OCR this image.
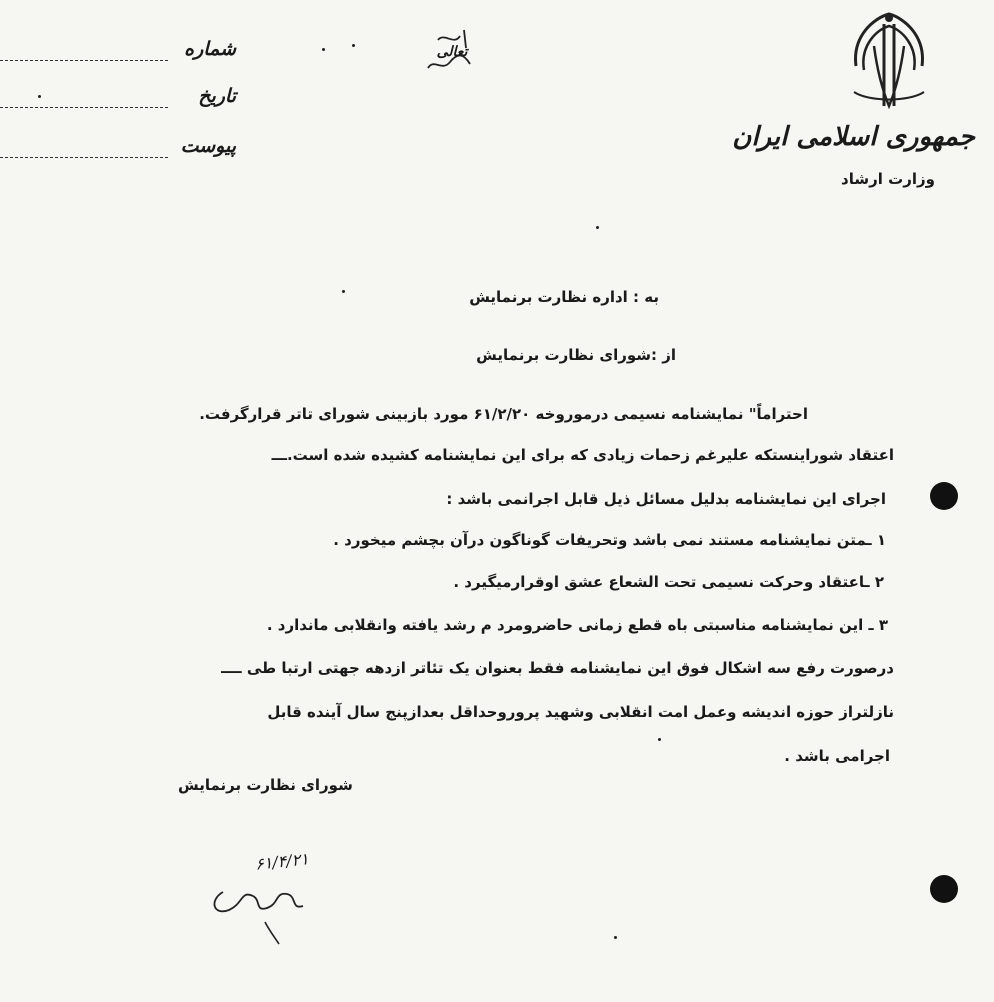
شماره
تاریخ
پیوست
تعالی
جمهوری اسلامی ایران
وزارت ارشاد
به : اداره نظارت برنمایش
از :شورای نظارت برنمایش
احتراماً" نمایشنامه نسیمی درموروخه ۶۱/۲/۲۰ مورد بازبینی شورای تاتر قرارگرفت.
اعتقاد شوراینستکه علیرغم زحمات زیادی که برای این نمایشنامه کشیده شده است.ـــ
اجرای این نمایشنامه بدلیل مسائل ذیل قابل اجرانمی باشد :
۱ ـمتن نمایشنامه مستند نمی باشد وتحریفات گوناگون درآن بچشم میخورد .
۲ ـاعتقاد وحرکت نسیمی تحت الشعاع عشق اوقرارمیگیرد .
۳ ـ این نمایشنامه مناسبتی باه قطع زمانی حاضرومرد م رشد یافته وانقلابی ماندارد .
درصورت رفع سه اشکال فوق این نمایشنامه فقط بعنوان یک تئاتر ازدهه جهتی ارتبا طی ــــ
نازلتراز حوزه اندیشه وعمل امت انقلابی وشهید پروروحداقل بعدازپنج سال آینده قابل
اجرامی باشد .
شورای نظارت برنمایش
۶۱/۴/۲۱
